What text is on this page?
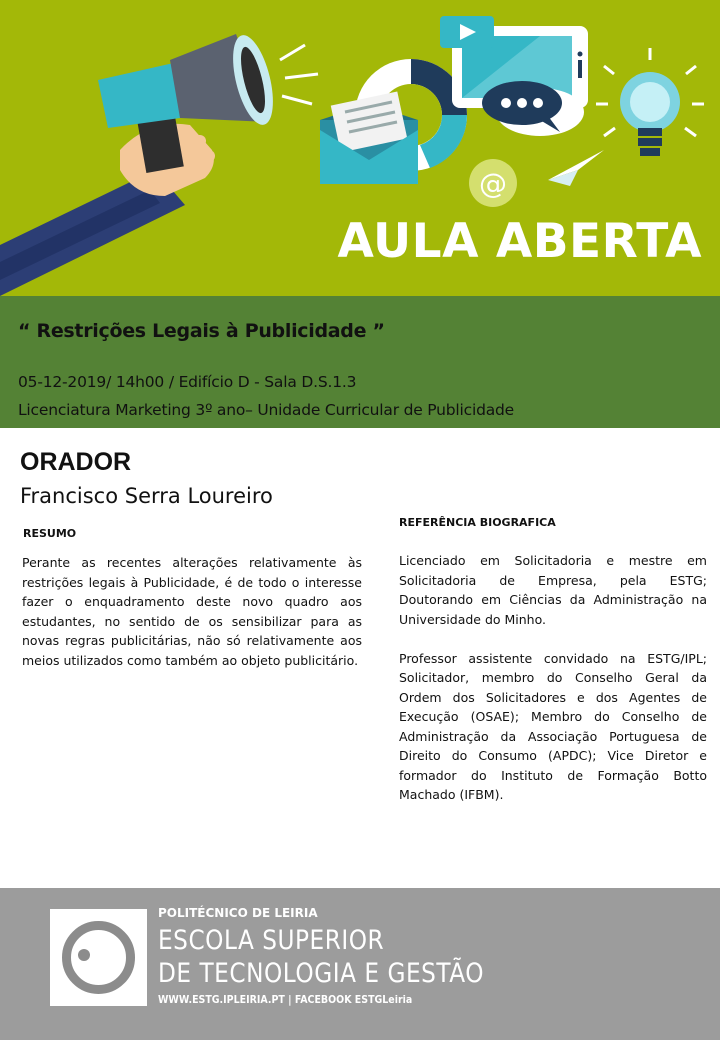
@
AULA ABERTA
“ Restrições Legais à Publicidade ”
05-12-2019/ 14h00 / Edifício D - Sala D.S.1.3
Licenciatura Marketing 3º ano– Unidade Curricular de Publicidade
ORADOR
Francisco Serra Loureiro
RESUMO
Perante as recentes alterações relativamente às restrições legais à Publicidade, é de todo o interesse fazer o enquadramento deste novo quadro aos estudantes, no sentido de os sensibilizar para as novas regras publicitárias, não só relativamente aos meios utilizados como também ao objeto publicitário.
REFERÊNCIA BIOGRAFICA

Licenciado em Solicitadoria e mestre em Solicitadoria de Empresa, pela ESTG; Doutorando em Ciências da Administração na Universidade do Minho.

Professor assistente convidado na ESTG/IPL; Solicitador, membro do Conselho Geral da Ordem dos Solicitadores e dos Agentes de Execução (OSAE); Membro do Conselho de Administração da Associação Portuguesa de Direito do Consumo (APDC); Vice Diretor e formador do Instituto de Formação Botto Machado (IFBM).

POLITÉCNICO DE LEIRIA
ESCOLA SUPERIOR
DE TECNOLOGIA E GESTÃO
WWW.ESTG.IPLEIRIA.PT | FACEBOOK ESTGLeiria
